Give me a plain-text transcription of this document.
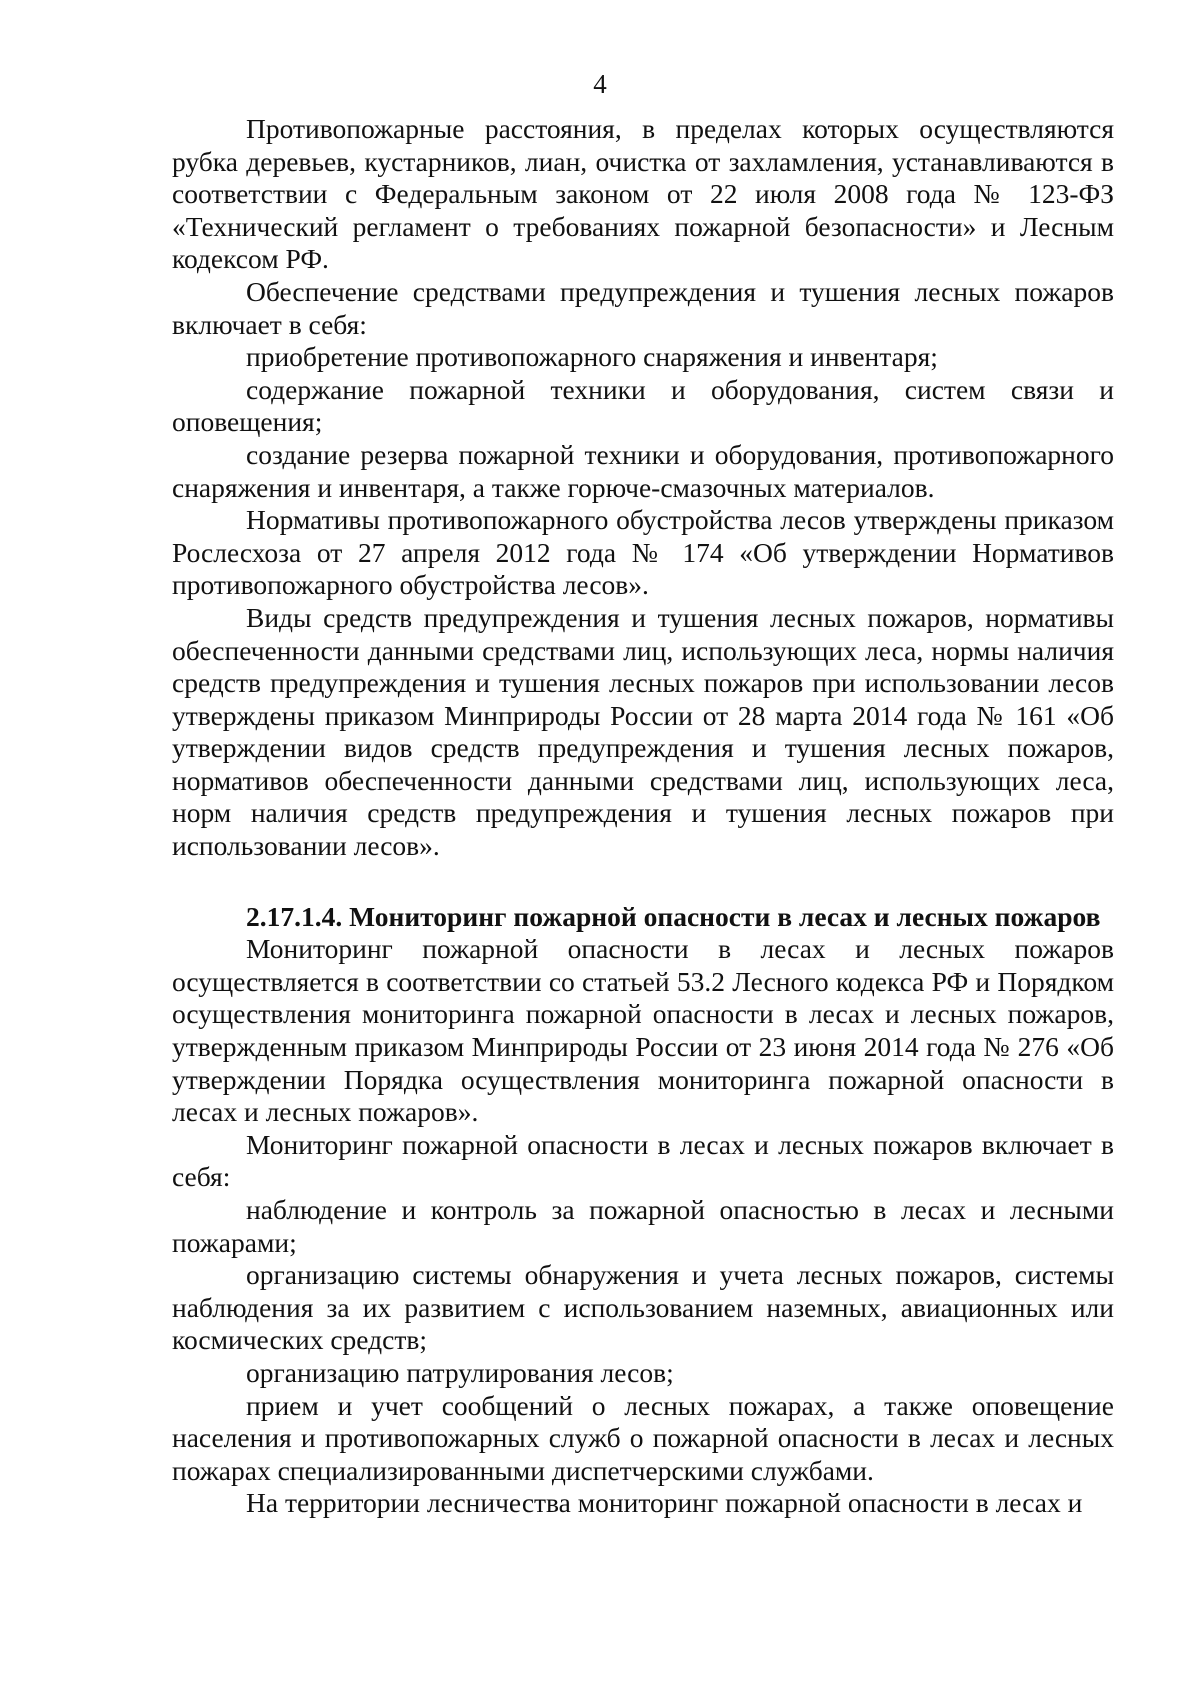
4

Противопожарные расстояния, в пределах которых осуществляются рубка деревьев, кустарников, лиан, очистка от захламления, устанавливаются в соответствии с Федеральным законом от 22 июля 2008 года № 123-ФЗ «Технический регламент о требованиях пожарной безопасности» и Лесным кодексом РФ.

Обеспечение средствами предупреждения и тушения лесных пожаров включает в себя:

приобретение противопожарного снаряжения и инвентаря;

содержание пожарной техники и оборудования, систем связи и оповещения;

создание резерва пожарной техники и оборудования, противопожарного снаряжения и инвентаря, а также горюче-смазочных материалов.

Нормативы противопожарного обустройства лесов утверждены приказом Рослесхоза от 27 апреля 2012 года № 174 «Об утверждении Нормативов противопожарного обустройства лесов».

Виды средств предупреждения и тушения лесных пожаров, нормативы обеспеченности данными средствами лиц, использующих леса, нормы наличия средств предупреждения и тушения лесных пожаров при использовании лесов утверждены приказом Минприроды России от 28 марта 2014 года № 161 «Об утверждении видов средств предупреждения и тушения лесных пожаров, нормативов обеспеченности данными средствами лиц, использующих леса, норм наличия средств предупреждения и тушения лесных пожаров при использовании лесов».

2.17.1.4. Мониторинг пожарной опасности в лесах и лесных пожаров

Мониторинг пожарной опасности в лесах и лесных пожаров осуществляется в соответствии со статьей 53.2 Лесного кодекса РФ и Порядком осуществления мониторинга пожарной опасности в лесах и лесных пожаров, утвержденным приказом Минприроды России от 23 июня 2014 года № 276 «Об утверждении Порядка осуществления мониторинга пожарной опасности в лесах и лесных пожаров».

Мониторинг пожарной опасности в лесах и лесных пожаров включает в себя:

наблюдение и контроль за пожарной опасностью в лесах и лесными пожарами;

организацию системы обнаружения и учета лесных пожаров, системы наблюдения за их развитием с использованием наземных, авиационных или космических средств;

организацию патрулирования лесов;

прием и учет сообщений о лесных пожарах, а также оповещение населения и противопожарных служб о пожарной опасности в лесах и лесных пожарах специализированными диспетчерскими службами.

На территории лесничества мониторинг пожарной опасности в лесах и
